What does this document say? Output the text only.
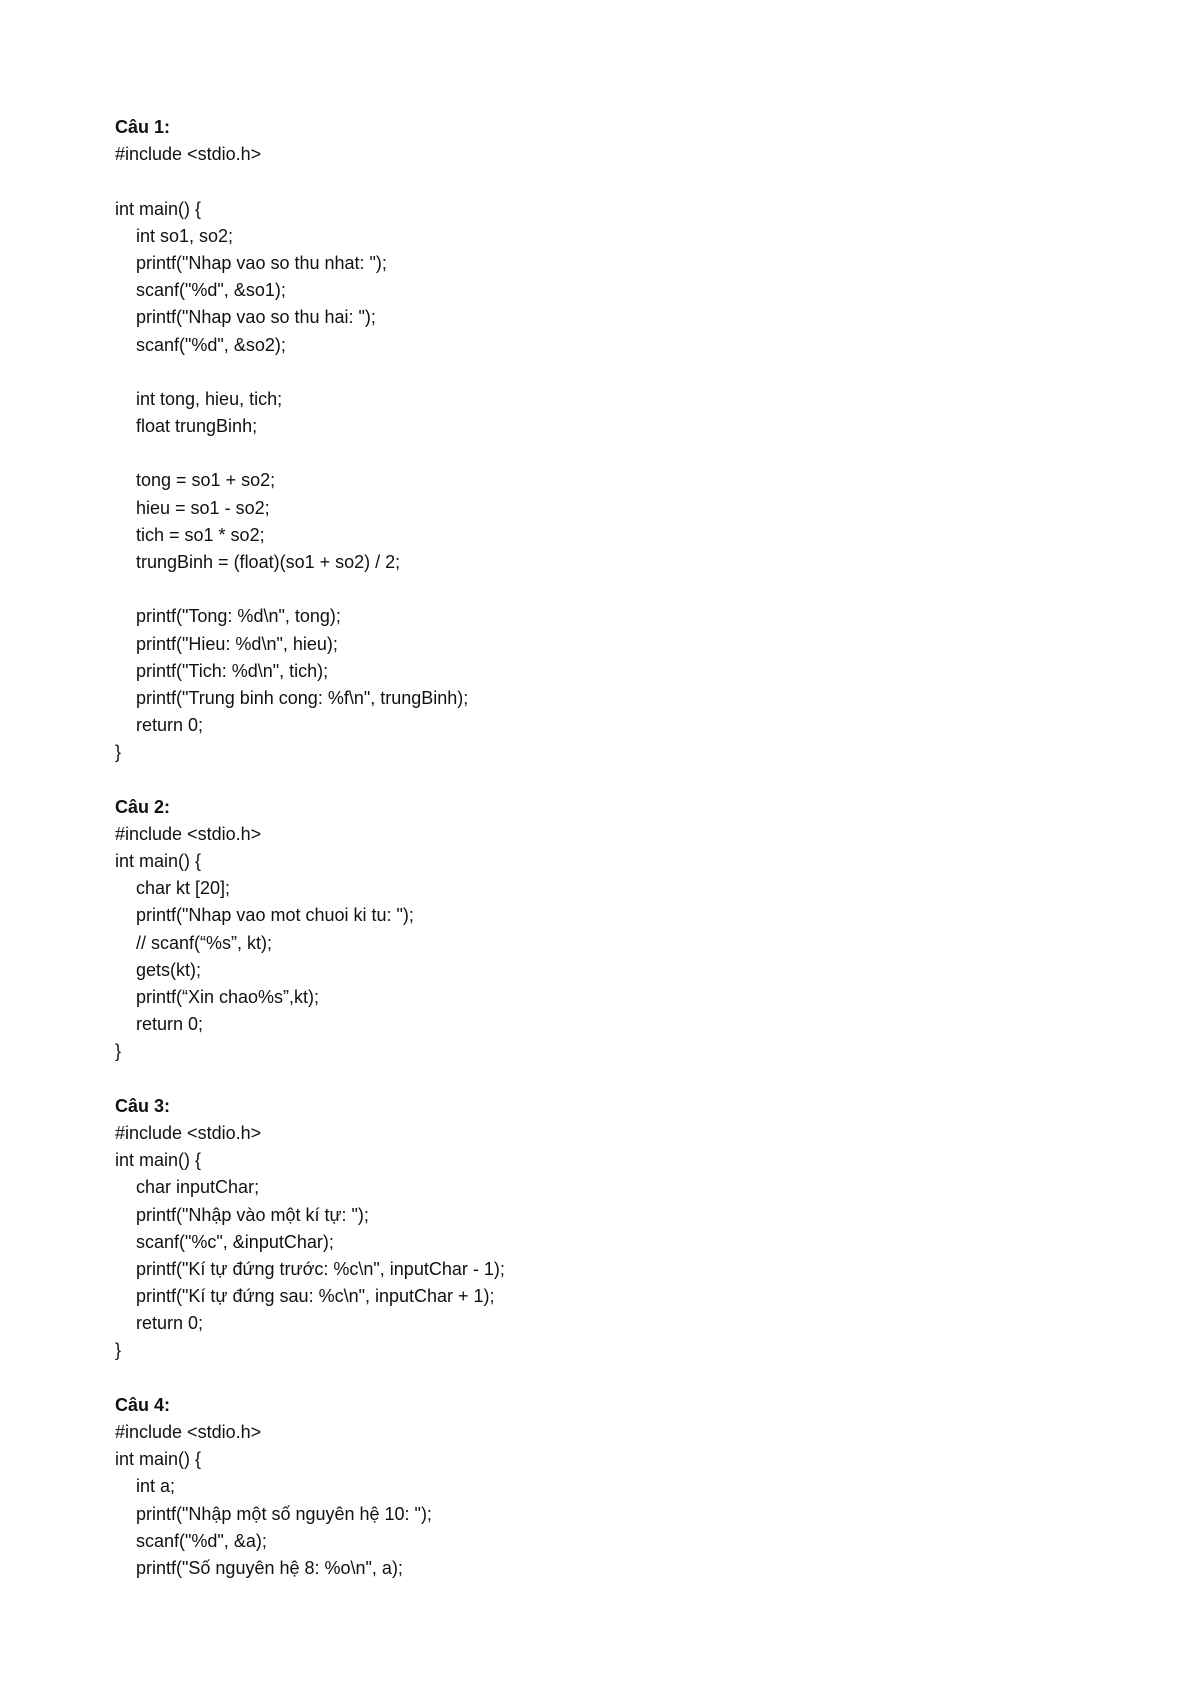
Câu 1:
#include <stdio.h>
int main() {
int so1, so2;
printf("Nhap vao so thu nhat: ");
scanf("%d", &so1);
printf("Nhap vao so thu hai: ");
scanf("%d", &so2);
int tong, hieu, tich;
float trungBinh;
tong = so1 + so2;
hieu = so1 - so2;
tich = so1 * so2;
trungBinh = (float)(so1 + so2) / 2;
printf("Tong: %d\n", tong);
printf("Hieu: %d\n", hieu);
printf("Tich: %d\n", tich);
printf("Trung binh cong: %f\n", trungBinh);
return 0;
}
Câu 2:
#include <stdio.h>
int main() {
char kt [20];
printf("Nhap vao mot chuoi ki tu: ");
// scanf(“%s”, kt);
gets(kt);
printf(“Xin chao%s”,kt);
return 0;
}
Câu 3:
#include <stdio.h>
int main() {
char inputChar;
printf("Nhập vào một kí tự: ");
scanf("%c", &inputChar);
printf("Kí tự đứng trước: %c\n", inputChar - 1);
printf("Kí tự đứng sau: %c\n", inputChar + 1);
return 0;
}
Câu 4:
#include <stdio.h>
int main() {
int a;
printf("Nhập một số nguyên hệ 10: ");
scanf("%d", &a);
printf("Số nguyên hệ 8: %o\n", a);
